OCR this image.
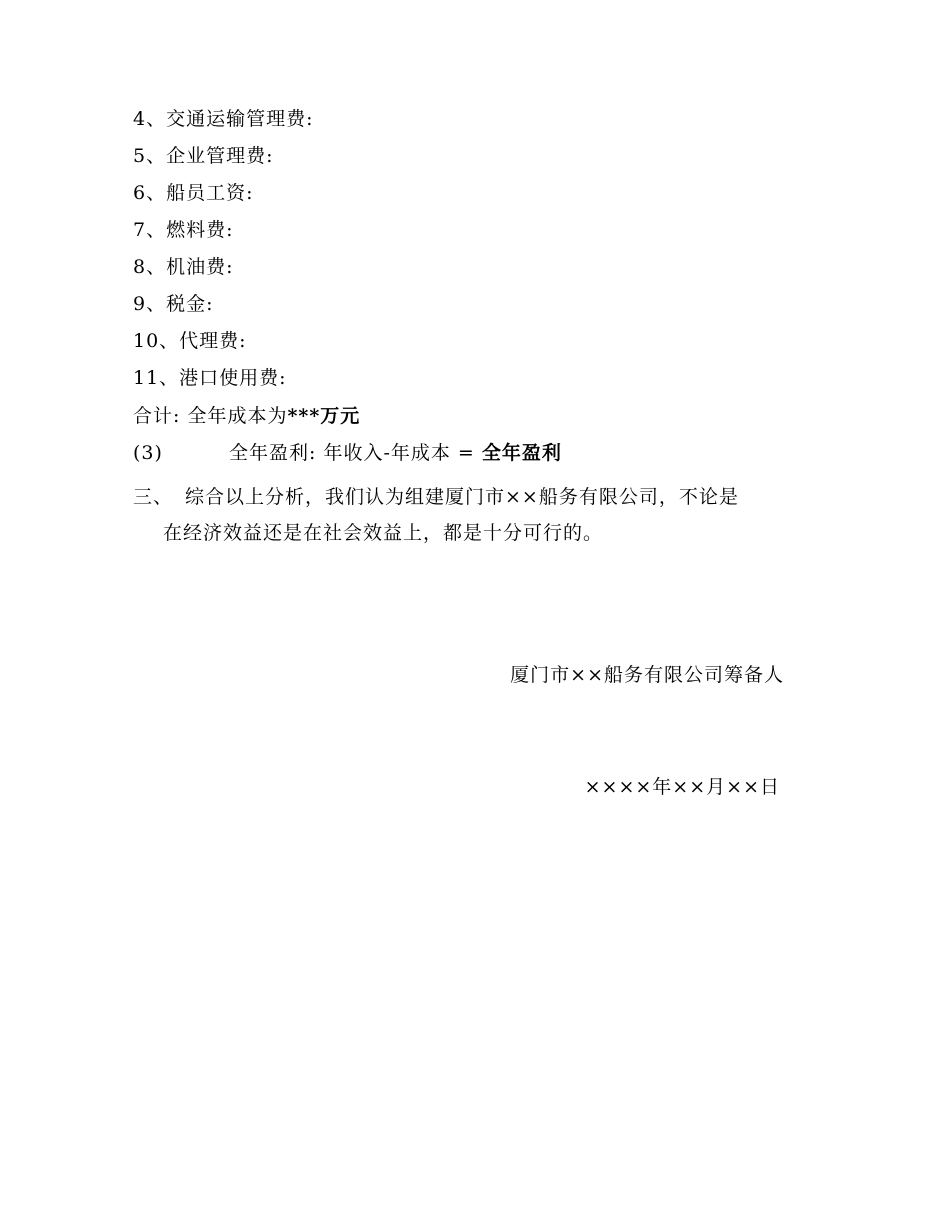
4、交通运输管理费:
5、企业管理费:
6、船员工资:
7、燃料费:
8、机油费:
9、税金:
10、代理费:
11、港口使用费:
合计: 全年成本为***万元
(3)	全年盈利: 年收入-年成本 = 全年盈利
三、 综合以上分析，我们认为组建厦门市××船务有限公司，不论是
在经济效益还是在社会效益上，都是十分可行的。
厦门市××船务有限公司筹备人
××××年××月××日
